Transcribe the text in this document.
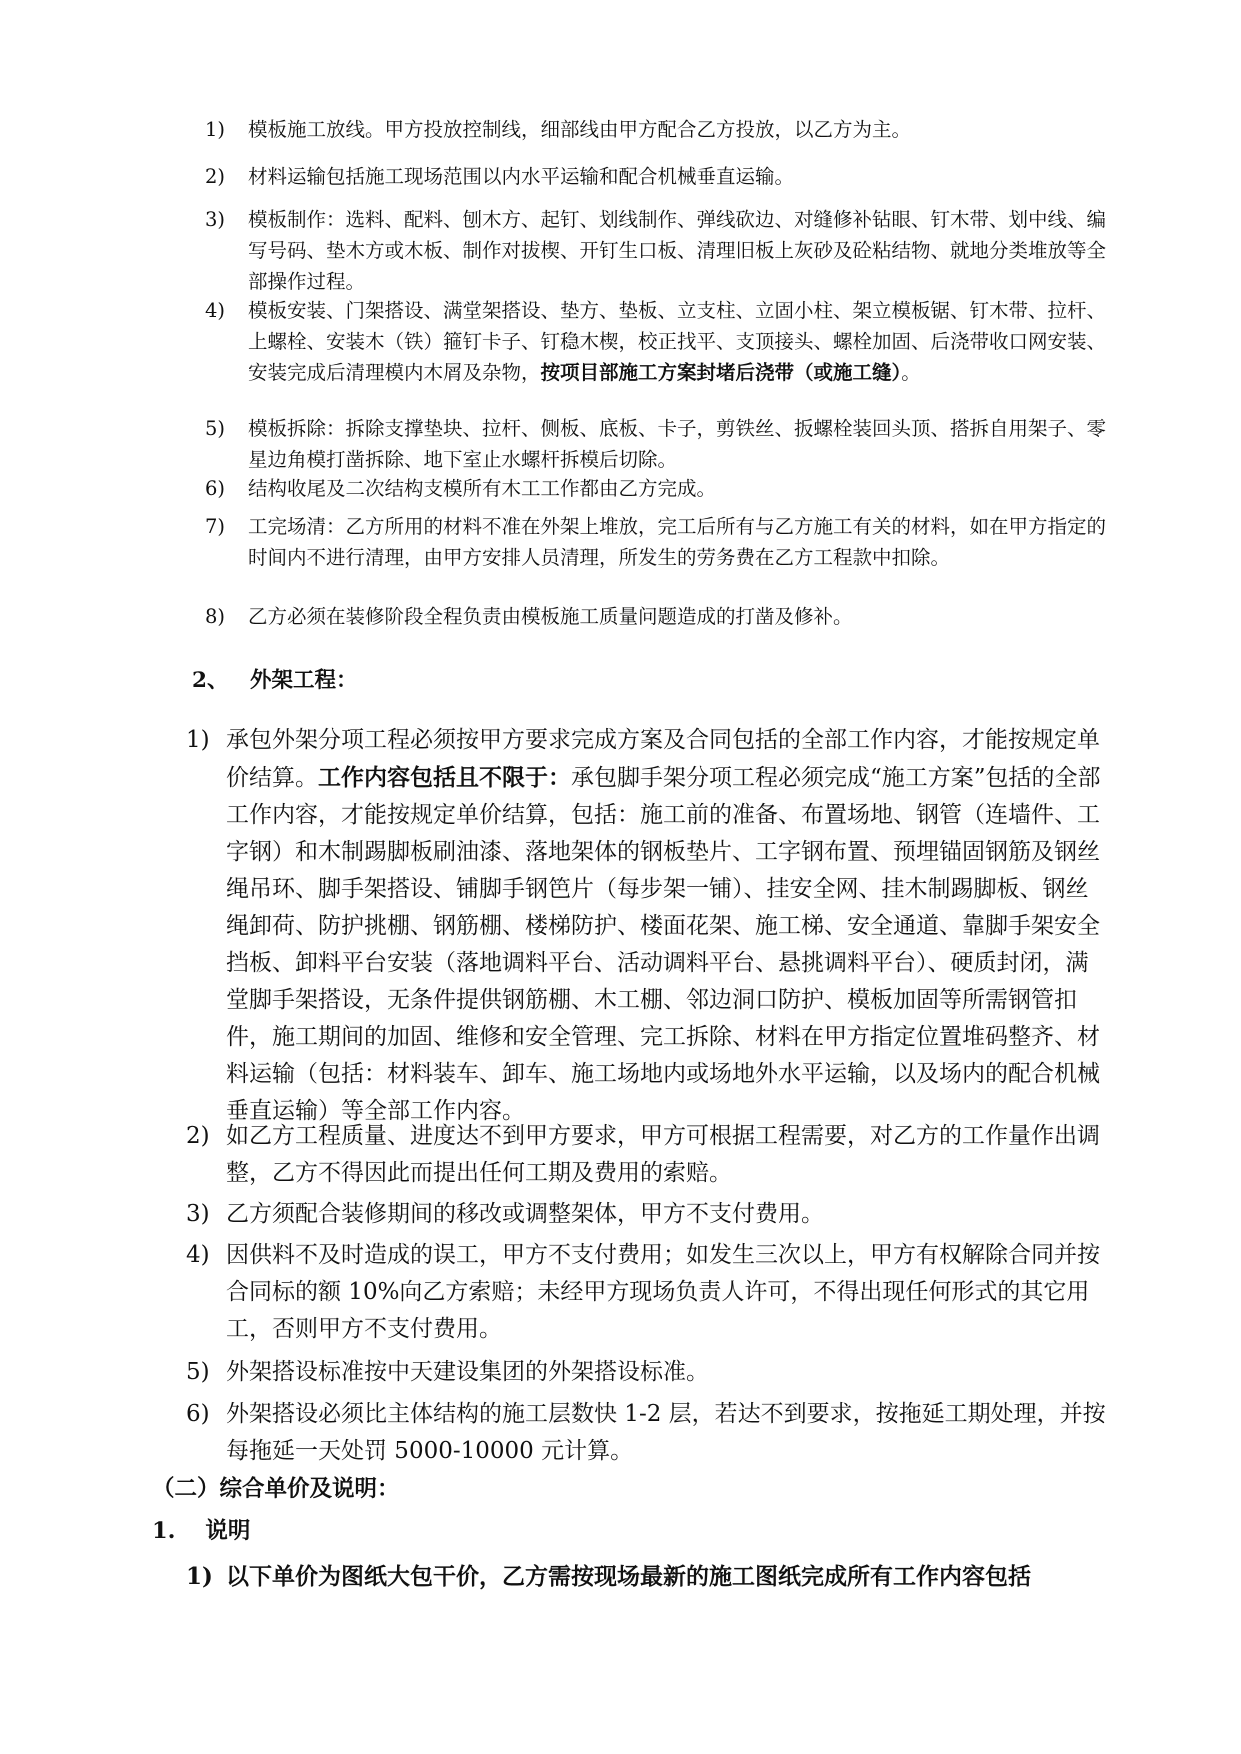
1)	模板施工放线。甲方投放控制线，细部线由甲方配合乙方投放，以乙方为主。
2)	材料运输包括施工现场范围以内水平运输和配合机械垂直运输。
3)	模板制作：选料、配料、刨木方、起钉、划线制作、弹线砍边、对缝修补钻眼、钉木带、划中线、编写号码、垫木方或木板、制作对拔楔、开钉生口板、清理旧板上灰砂及砼粘结物、就地分类堆放等全部操作过程。
4)	模板安装、门架搭设、满堂架搭设、垫方、垫板、立支柱、立固小柱、架立模板锯、钉木带、拉杆、上螺栓、安装木（铁）箍钉卡子、钉稳木楔，校正找平、支顶接头、螺栓加固、后浇带收口网安装、安装完成后清理模内木屑及杂物，按项目部施工方案封堵后浇带（或施工缝）。
5)	模板拆除：拆除支撑垫块、拉杆、侧板、底板、卡子，剪铁丝、扳螺栓装回头顶、搭拆自用架子、零星边角模打凿拆除、地下室止水螺杆拆模后切除。
6)	结构收尾及二次结构支模所有木工工作都由乙方完成。
7)	工完场清：乙方所用的材料不准在外架上堆放，完工后所有与乙方施工有关的材料，如在甲方指定的时间内不进行清理，由甲方安排人员清理，所发生的劳务费在乙方工程款中扣除。
8)	乙方必须在装修阶段全程负责由模板施工质量问题造成的打凿及修补。
2、 外架工程：
1) 承包外架分项工程必须按甲方要求完成方案及合同包括的全部工作内容，才能按规定单价结算。工作内容包括且不限于：承包脚手架分项工程必须完成“施工方案”包括的全部工作内容，才能按规定单价结算，包括：施工前的准备、布置场地、钢管（连墙件、工字钢）和木制踢脚板刷油漆、落地架体的钢板垫片、工字钢布置、预埋锚固钢筋及钢丝绳吊环、脚手架搭设、铺脚手钢笆片（每步架一铺）、挂安全网、挂木制踢脚板、钢丝绳卸荷、防护挑棚、钢筋棚、楼梯防护、楼面花架、施工梯、安全通道、靠脚手架安全挡板、卸料平台安装（落地调料平台、活动调料平台、悬挑调料平台）、硬质封闭，满堂脚手架搭设，无条件提供钢筋棚、木工棚、邻边洞口防护、模板加固等所需钢管扣件，施工期间的加固、维修和安全管理、完工拆除、材料在甲方指定位置堆码整齐、材料运输（包括：材料装车、卸车、施工场地内或场地外水平运输，以及场内的配合机械垂直运输）等全部工作内容。
2) 如乙方工程质量、进度达不到甲方要求，甲方可根据工程需要，对乙方的工作量作出调整，乙方不得因此而提出任何工期及费用的索赔。
3) 乙方须配合装修期间的移改或调整架体，甲方不支付费用。
4) 因供料不及时造成的误工，甲方不支付费用；如发生三次以上，甲方有权解除合同并按合同标的额 10%向乙方索赔；未经甲方现场负责人许可，不得出现任何形式的其它用工，否则甲方不支付费用。
5) 外架搭设标准按中天建设集团的外架搭设标准。
6) 外架搭设必须比主体结构的施工层数快 1-2 层，若达不到要求，按拖延工期处理，并按每拖延一天处罚 5000-10000 元计算。
（二）综合单价及说明：
1. 说明
1) 以下单价为图纸大包干价，乙方需按现场最新的施工图纸完成所有工作内容包括
